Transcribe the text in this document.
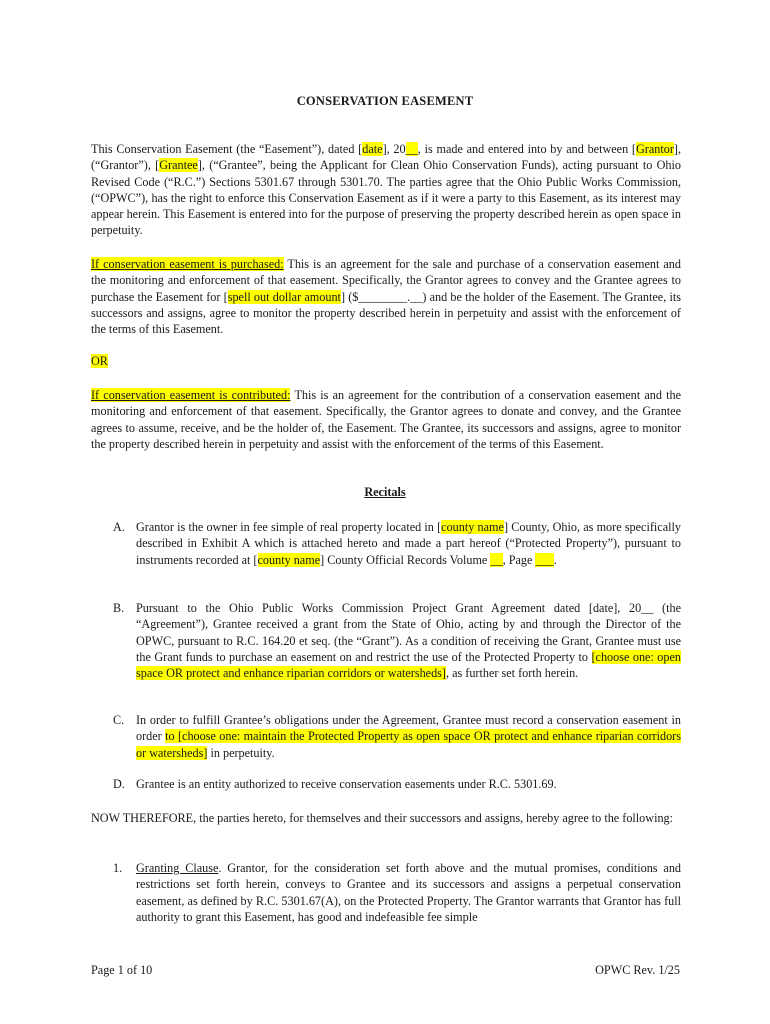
CONSERVATION EASEMENT

This Conservation Easement (the “Easement”), dated [date], 20__, is made and entered into by and between [Grantor], (“Grantor”), [Grantee], (“Grantee”, being the Applicant for Clean Ohio Conservation Funds), acting pursuant to Ohio Revised Code (“R.C.”) Sections 5301.67 through 5301.70. The parties agree that the Ohio Public Works Commission, (“OPWC”), has the right to enforce this Conservation Easement as if it were a party to this Easement, as its interest may appear herein. This Easement is entered into for the purpose of preserving the property described herein as open space in perpetuity.

If conservation easement is purchased: This is an agreement for the sale and purchase of a conservation easement and the monitoring and enforcement of that easement. Specifically, the Grantor agrees to convey and the Grantee agrees to purchase the Easement for [spell out dollar amount] ($________.__) and be the holder of the Easement. The Grantee, its successors and assigns, agree to monitor the property described herein in perpetuity and assist with the enforcement of the terms of this Easement.

OR

If conservation easement is contributed: This is an agreement for the contribution of a conservation easement and the monitoring and enforcement of that easement. Specifically, the Grantor agrees to donate and convey, and the Grantee agrees to assume, receive, and be the holder of, the Easement. The Grantee, its successors and assigns, agree to monitor the property described herein in perpetuity and assist with the enforcement of the terms of this Easement.

Recitals
A. Grantor is the owner in fee simple of real property located in [county name] County, Ohio, as more specifically described in Exhibit A which is attached hereto and made a part hereof (“Protected Property”), pursuant to instruments recorded at [county name] County Official Records Volume __, Page ___.
B. Pursuant to the Ohio Public Works Commission Project Grant Agreement dated [date], 20__ (the “Agreement”), Grantee received a grant from the State of Ohio, acting by and through the Director of the OPWC, pursuant to R.C. 164.20 et seq. (the “Grant”). As a condition of receiving the Grant, Grantee must use the Grant funds to purchase an easement on and restrict the use of the Protected Property to [choose one: open space OR protect and enhance riparian corridors or watersheds], as further set forth herein.
C. In order to fulfill Grantee’s obligations under the Agreement, Grantee must record a conservation easement in order to [choose one: maintain the Protected Property as open space OR protect and enhance riparian corridors or watersheds] in perpetuity.
D. Grantee is an entity authorized to receive conservation easements under R.C. 5301.69.

NOW THEREFORE, the parties hereto, for themselves and their successors and assigns, hereby agree to the following:

1. Granting Clause. Grantor, for the consideration set forth above and the mutual promises, conditions and restrictions set forth herein, conveys to Grantee and its successors and assigns a perpetual conservation easement, as defined by R.C. 5301.67(A), on the Protected Property. The Grantor warrants that Grantor has full authority to grant this Easement, has good and indefeasible fee simple
Page 1 of 10	OPWC Rev. 1/25
